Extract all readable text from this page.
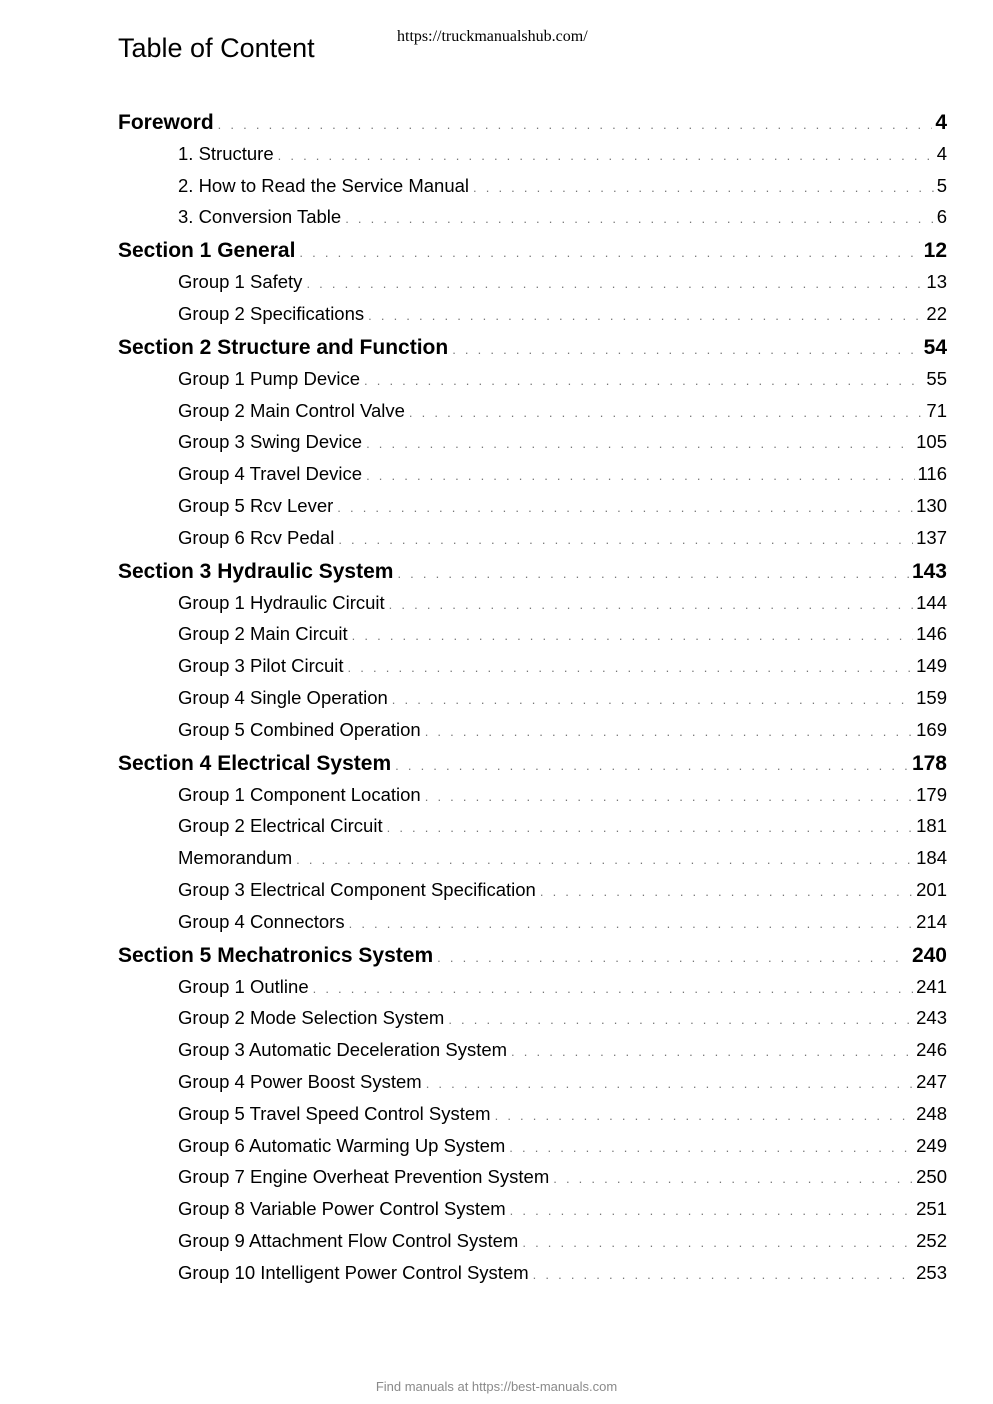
Table of Content	https://truckmanualshub.com/
Foreword . . .	4
1. Structure . . .	4
2. How to Read the Service Manual . . .	5
3. Conversion Table . . .	6
Section 1 General . . .	12
Group 1 Safety . . .	13
Group 2 Specifications . . .	22
Section 2 Structure and Function . . .	54
Group 1 Pump Device . . .	55
Group 2 Main Control Valve . . .	71
Group 3 Swing Device . . .	105
Group 4 Travel Device . . .	116
Group 5 Rcv Lever . . .	130
Group 6 Rcv Pedal . . .	137
Section 3 Hydraulic System . . .	143
Group 1 Hydraulic Circuit . . .	144
Group 2 Main Circuit . . .	146
Group 3 Pilot Circuit . . .	149
Group 4 Single Operation . . .	159
Group 5 Combined Operation . . .	169
Section 4 Electrical System . . .	178
Group 1 Component Location . . .	179
Group 2 Electrical Circuit . . .	181
Memorandum . . .	184
Group 3 Electrical Component Specification . . .	201
Group 4 Connectors . . .	214
Section 5 Mechatronics System . . .	240
Group 1 Outline . . .	241
Group 2 Mode Selection System . . .	243
Group 3 Automatic Deceleration System . . .	246
Group 4 Power Boost System . . .	247
Group 5 Travel Speed Control System . . .	248
Group 6 Automatic Warming Up System . . .	249
Group 7 Engine Overheat Prevention System . . .	250
Group 8 Variable Power Control System . . .	251
Group 9 Attachment Flow Control System . . .	252
Group 10 Intelligent Power Control System . . .	253
Find manuals at https://best-manuals.com
